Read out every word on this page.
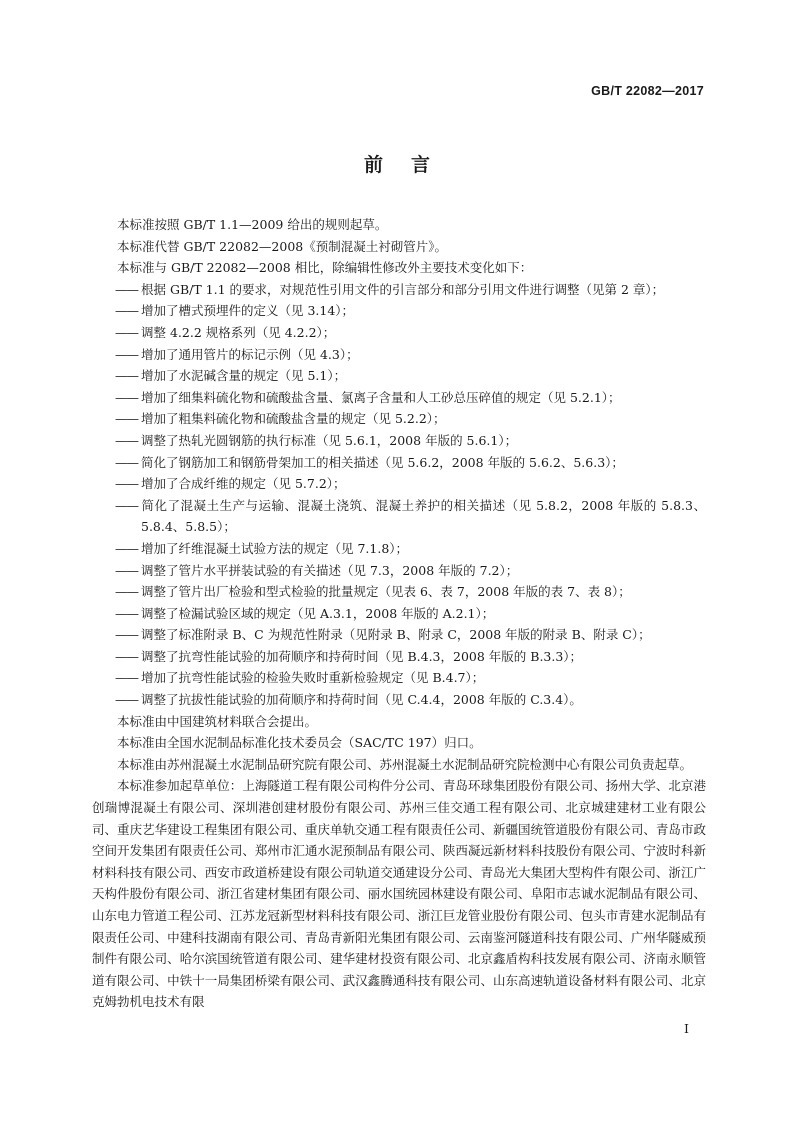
GB/T 22082—2017
前言

本标准按照 GB/T 1.1—2009 给出的规则起草。

本标准代替 GB/T 22082—2008《预制混凝土衬砌管片》。

本标准与 GB/T 22082—2008 相比，除编辑性修改外主要技术变化如下：

—— 根据 GB/T 1.1 的要求，对规范性引用文件的引言部分和部分引用文件进行调整（见第 2 章）；

—— 增加了槽式预埋件的定义（见 3.14）；

—— 调整 4.2.2 规格系列（见 4.2.2）；

—— 增加了通用管片的标记示例（见 4.3）；

—— 增加了水泥碱含量的规定（见 5.1）；

—— 增加了细集料硫化物和硫酸盐含量、氯离子含量和人工砂总压碎值的规定（见 5.2.1）；

—— 增加了粗集料硫化物和硫酸盐含量的规定（见 5.2.2）；

—— 调整了热轧光圆钢筋的执行标准（见 5.6.1，2008 年版的 5.6.1）；

—— 简化了钢筋加工和钢筋骨架加工的相关描述（见 5.6.2，2008 年版的 5.6.2、5.6.3）；

—— 增加了合成纤维的规定（见 5.7.2）；

—— 简化了混凝土生产与运输、混凝土浇筑、混凝土养护的相关描述（见 5.8.2，2008 年版的 5.8.3、5.8.4、5.8.5）；

—— 增加了纤维混凝土试验方法的规定（见 7.1.8）；

—— 调整了管片水平拼装试验的有关描述（见 7.3，2008 年版的 7.2）；

—— 调整了管片出厂检验和型式检验的批量规定（见表 6、表 7，2008 年版的表 7、表 8）；

—— 调整了检漏试验区域的规定（见 A.3.1，2008 年版的 A.2.1）；

—— 调整了标准附录 B、C 为规范性附录（见附录 B、附录 C，2008 年版的附录 B、附录 C）；

—— 调整了抗弯性能试验的加荷顺序和持荷时间（见 B.4.3，2008 年版的 B.3.3）；

—— 增加了抗弯性能试验的检验失败时重新检验规定（见 B.4.7）；

—— 调整了抗拔性能试验的加荷顺序和持荷时间（见 C.4.4，2008 年版的 C.3.4）。

本标准由中国建筑材料联合会提出。

本标准由全国水泥制品标准化技术委员会（SAC/TC 197）归口。

本标准由苏州混凝土水泥制品研究院有限公司、苏州混凝土水泥制品研究院检测中心有限公司负责起草。

本标准参加起草单位：上海隧道工程有限公司构件分公司、青岛环球集团股份有限公司、扬州大学、北京港创瑞博混凝土有限公司、深圳港创建材股份有限公司、苏州三佳交通工程有限公司、北京城建建材工业有限公司、重庆艺华建设工程集团有限公司、重庆单轨交通工程有限责任公司、新疆国统管道股份有限公司、青岛市政空间开发集团有限责任公司、郑州市汇通水泥预制品有限公司、陕西凝远新材料科技股份有限公司、宁波时科新材料科技有限公司、西安市政道桥建设有限公司轨道交通建设分公司、青岛光大集团大型构件有限公司、浙江广天构件股份有限公司、浙江省建材集团有限公司、丽水国统园林建设有限公司、阜阳市志诚水泥制品有限公司、山东电力管道工程公司、江苏龙冠新型材料科技有限公司、浙江巨龙管业股份有限公司、包头市青建水泥制品有限责任公司、中建科技湖南有限公司、青岛青新阳光集团有限公司、云南鉴河隧道科技有限公司、广州华隧威预制件有限公司、哈尔滨国统管道有限公司、建华建材投资有限公司、北京鑫盾构科技发展有限公司、济南永顺管道有限公司、中铁十一局集团桥梁有限公司、武汉鑫腾通科技有限公司、山东高速轨道设备材料有限公司、北京克姆勃机电技术有限

I
